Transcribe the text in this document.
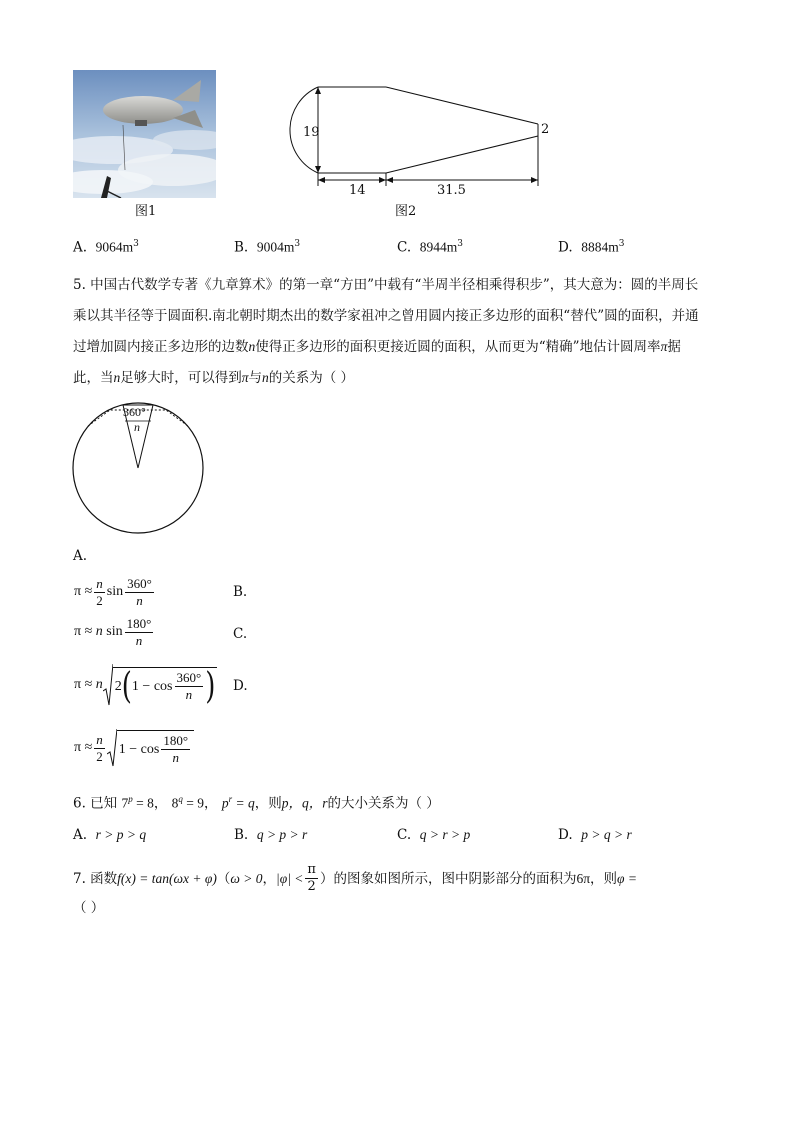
图1
19	2
14	31.5
图2
A. $9064m^3$	B. $9004m^3$	C. $8944m^3$	D. $8884m^3$
5. 中国古代数学专著《九章算术》的第一章“方田”中载有“半周半径相乘得积步”，其大意为：圆的半周长
乘以其半径等于圆面积.南北朝时期杰出的数学家祖冲之曾用圆内接正多边形的面积“替代”圆的面积，并通
过增加圆内接正多边形的边数n使得正多边形的面积更接近圆的面积，从而更为“精确”地估计圆周率π据
此，当n足够大时，可以得到π与n的关系为（ ）
360°
n
A.
$\pi \approx \frac{n}{2}$ $\sin \frac{360^\circ}{n}$	B.
π ≈
n
$\sin \frac{180^\circ}{n}$	C.
π ≈
n 2 ( 1 −
$\cos \frac{360^\circ}{n}$ ) D.
$\pi \approx \frac{n}{2} 1$ −
$\cos \frac{180^\circ}{n}$
6. 已知 $7^p = 8$， $8^q = 9$， $p^r = q$，则p，q，r的大小关系为（ ）
A. r > p > q	B. q > p > r	C. q > r > p	D. p > q > r
7. 函数 f(x) = tan(ωx + φ) （ ω > 0 ， $|\varphi| < \frac{\pi}{2}$ ）的图象如图所示，图中阴影部分的面积为 6π ，则 φ =
（ ）
